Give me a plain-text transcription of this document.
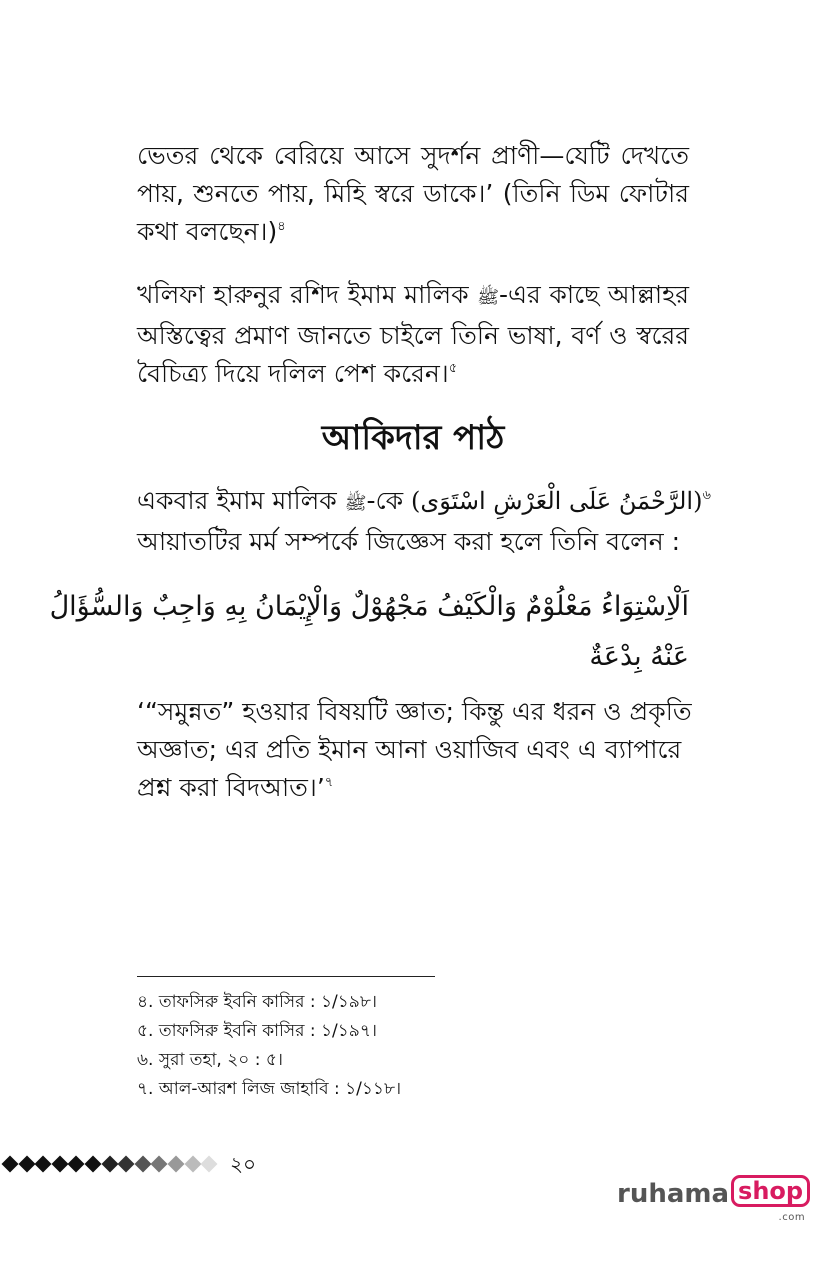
ভেতর থেকে বেরিয়ে আসে সুদর্শন প্রাণী—যেটি দেখতে
পায়, শুনতে পায়, মিহি স্বরে ডাকে।’ (তিনি ডিম ফোটার
কথা বলছেন।)$^৪$

খলিফা হারুনুর রশিদ ইমাম মালিক ﷺ-এর কাছে আল্লাহর
অস্তিত্বের প্রমাণ জানতে চাইলে তিনি ভাষা, বর্ণ ও স্বরের
বৈচিত্র্য দিয়ে দলিল পেশ করেন।$^৫$

আকিদার পাঠ

একবার ইমাম মালিক ﷺ-কে (الرَّحْمَنُ عَلَى الْعَرْشِ اسْتَوَى)$^৬$
আয়াতটির মর্ম সম্পর্কে জিজ্ঞেস করা হলে তিনি বলেন :

اَلْاِسْتِوَاءُ مَعْلُوْمٌ وَالْكَيْفُ مَجْهُوْلٌ وَالْإِيْمَانُ بِهِ وَاجِبٌ وَالسُّؤَالُ
عَنْهُ بِدْعَةٌ

‘“সমুন্নত” হওয়ার বিষয়টি জ্ঞাত; কিন্তু এর ধরন ও প্রকৃতি
অজ্ঞাত; এর প্রতি ইমান আনা ওয়াজিব এবং এ ব্যাপারে
প্রশ্ন করা বিদআত।’$^৭$

৪. তাফসিরু ইবনি কাসির : ১/১৯৮।
৫. তাফসিরু ইবনি কাসির : ১/১৯৭।
৬. সুরা তহা, ২০ : ৫।
৭. আল-আরশ লিজ জাহাবি : ১/১১৮।
২০
ruhama shop
.com
